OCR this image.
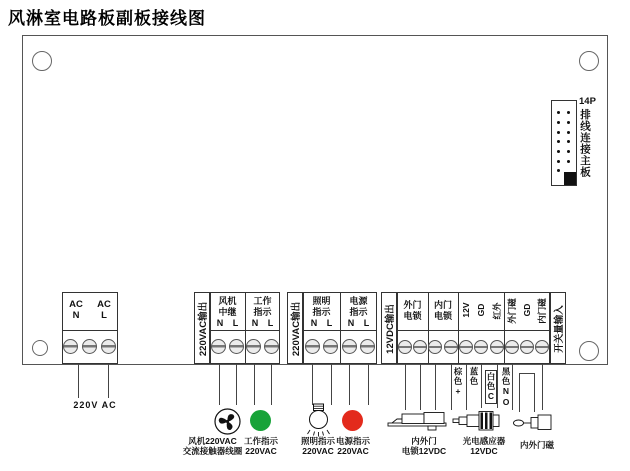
风淋室电路板副板接线图
14P
排线连接主板
AC
N
AC
L
220V AC
220VAC输出
风机
中继
N L
工作
指示
N L	220VAC输出
照明
指示
N L
电源
指示
N L	12VDC输出 外门
电锁
内门
电锁	12V GD 红外 外门磁 GD 内门磁 开关量输入
棕色+ 蓝色 白色C 黑色NO
风机220VAC
交流接触器线圈
工作指示
220VAC
照明指示
220VAC
电源指示
220VAC
内外门
电锁12VDC
光电感应器
12VDC
内外门磁
